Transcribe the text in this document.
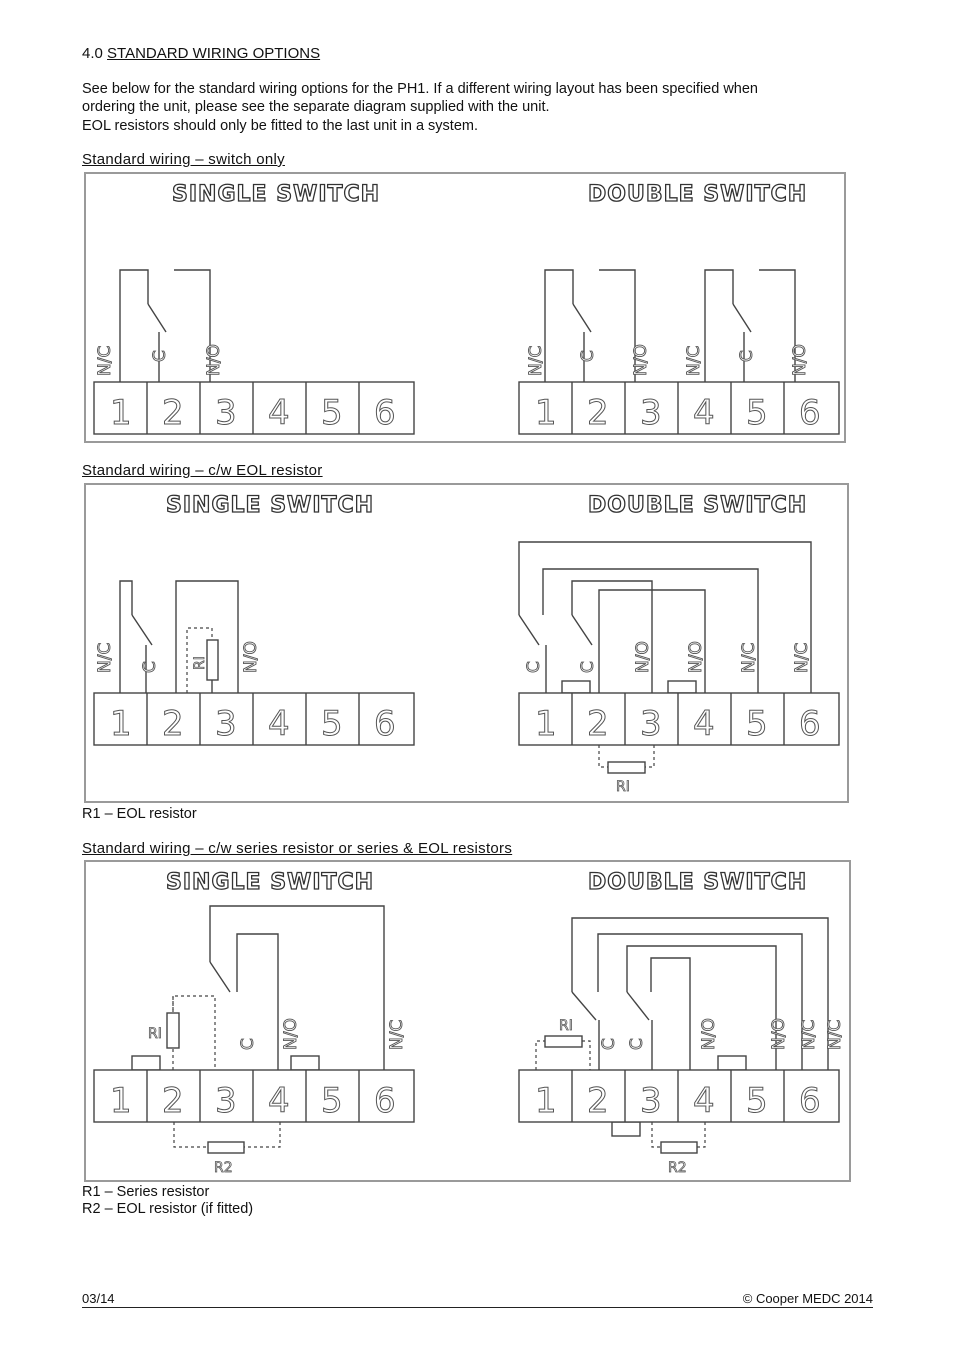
4.0 STANDARD WIRING OPTIONS

See below for the standard wiring options for the PH1. If a different wiring layout has been specified when

ordering the unit, please see the separate diagram supplied with the unit.

EOL resistors should only be fitted to the last unit in a system.

Standard wiring – switch only
SINGLE SWITCH	DOUBLE SWITCH
N/C C N/O
1 2 3 4 5 6
N/C C N/O N/C C N/O
1 2 3 4 5 6
Standard wiring – c/w EOL resistor
SINGLE SWITCH	DOUBLE SWITCH
N/C C RI N/O
1 2 3 4 5 6
RI
C C N/O N/O N/C N/C
1 2 3 4 5 6

R1 – EOL resistor

Standard wiring – c/w series resistor or series & EOL resistors
SINGLE SWITCH	DOUBLE SWITCH
RI
R2
C N/O	N/C
1 2 3 4 5 6
RI
R2
C C	N/O	N/O N/C N/C
1 2 3 4 5 6

R1 – Series resistor

R2 – EOL resistor (if fitted)

03/14	© Cooper MEDC 2014
